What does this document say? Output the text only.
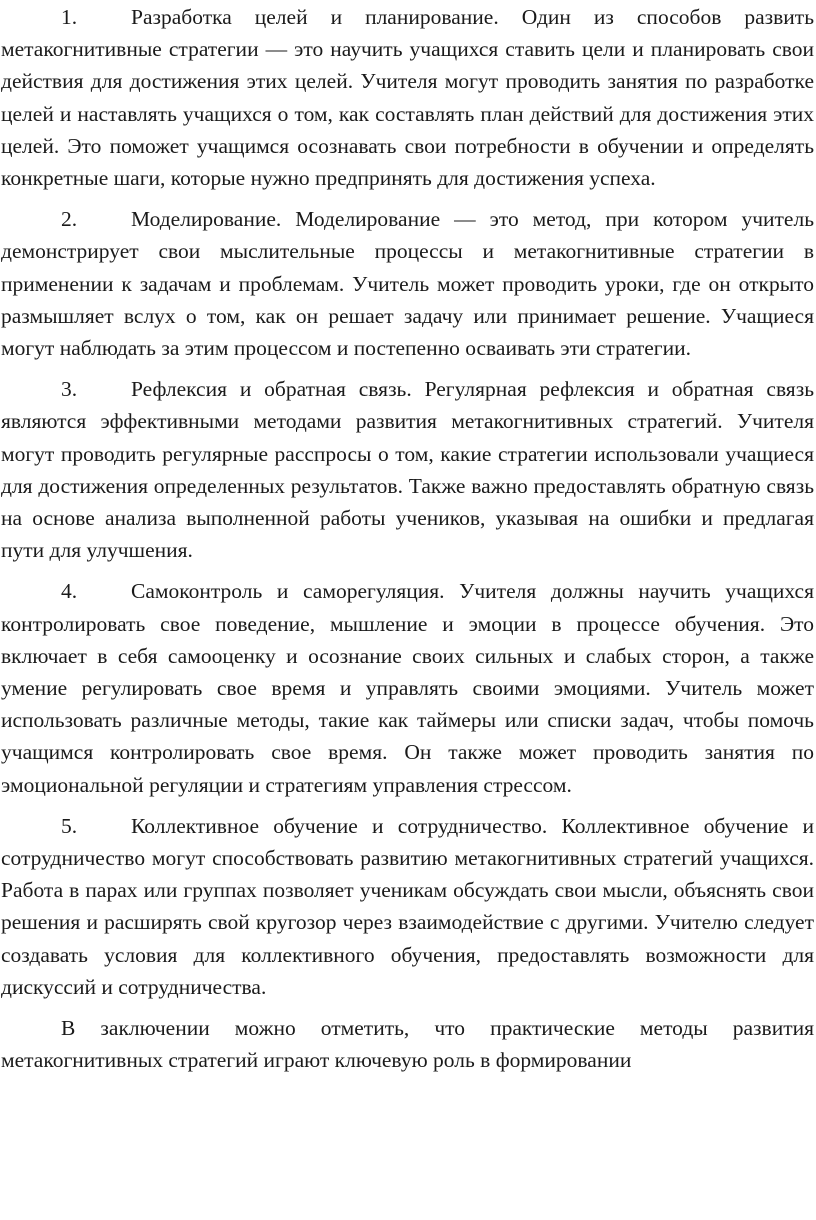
1.	Разработка целей и планирование. Один из способов развить метакогнитивные стратегии — это научить учащихся ставить цели и планировать свои действия для достижения этих целей. Учителя могут проводить занятия по разработке целей и наставлять учащихся о том, как составлять план действий для достижения этих целей. Это поможет учащимся осознавать свои потребности в обучении и определять конкретные шаги, которые нужно предпринять для достижения успеха.

2.	Моделирование. Моделирование — это метод, при котором учитель демонстрирует свои мыслительные процессы и метакогнитивные стратегии в применении к задачам и проблемам. Учитель может проводить уроки, где он открыто размышляет вслух о том, как он решает задачу или принимает решение. Учащиеся могут наблюдать за этим процессом и постепенно осваивать эти стратегии.

3.	Рефлексия и обратная связь. Регулярная рефлексия и обратная связь являются эффективными методами развития метакогнитивных стратегий. Учителя могут проводить регулярные расспросы о том, какие стратегии использовали учащиеся для достижения определенных результатов. Также важно предоставлять обратную связь на основе анализа выполненной работы учеников, указывая на ошибки и предлагая пути для улучшения.

4.	Самоконтроль и саморегуляция. Учителя должны научить учащихся контролировать свое поведение, мышление и эмоции в процессе обучения. Это включает в себя самооценку и осознание своих сильных и слабых сторон, а также умение регулировать свое время и управлять своими эмоциями. Учитель может использовать различные методы, такие как таймеры или списки задач, чтобы помочь учащимся контролировать свое время. Он также может проводить занятия по эмоциональной регуляции и стратегиям управления стрессом.

5.	Коллективное обучение и сотрудничество. Коллективное обучение и сотрудничество могут способствовать развитию метакогнитивных стратегий учащихся. Работа в парах или группах позволяет ученикам обсуждать свои мысли, объяснять свои решения и расширять свой кругозор через взаимодействие с другими. Учителю следует создавать условия для коллективного обучения, предоставлять возможности для дискуссий и сотрудничества.

В заключении можно отметить, что практические методы развития метакогнитивных стратегий играют ключевую роль в формировании
